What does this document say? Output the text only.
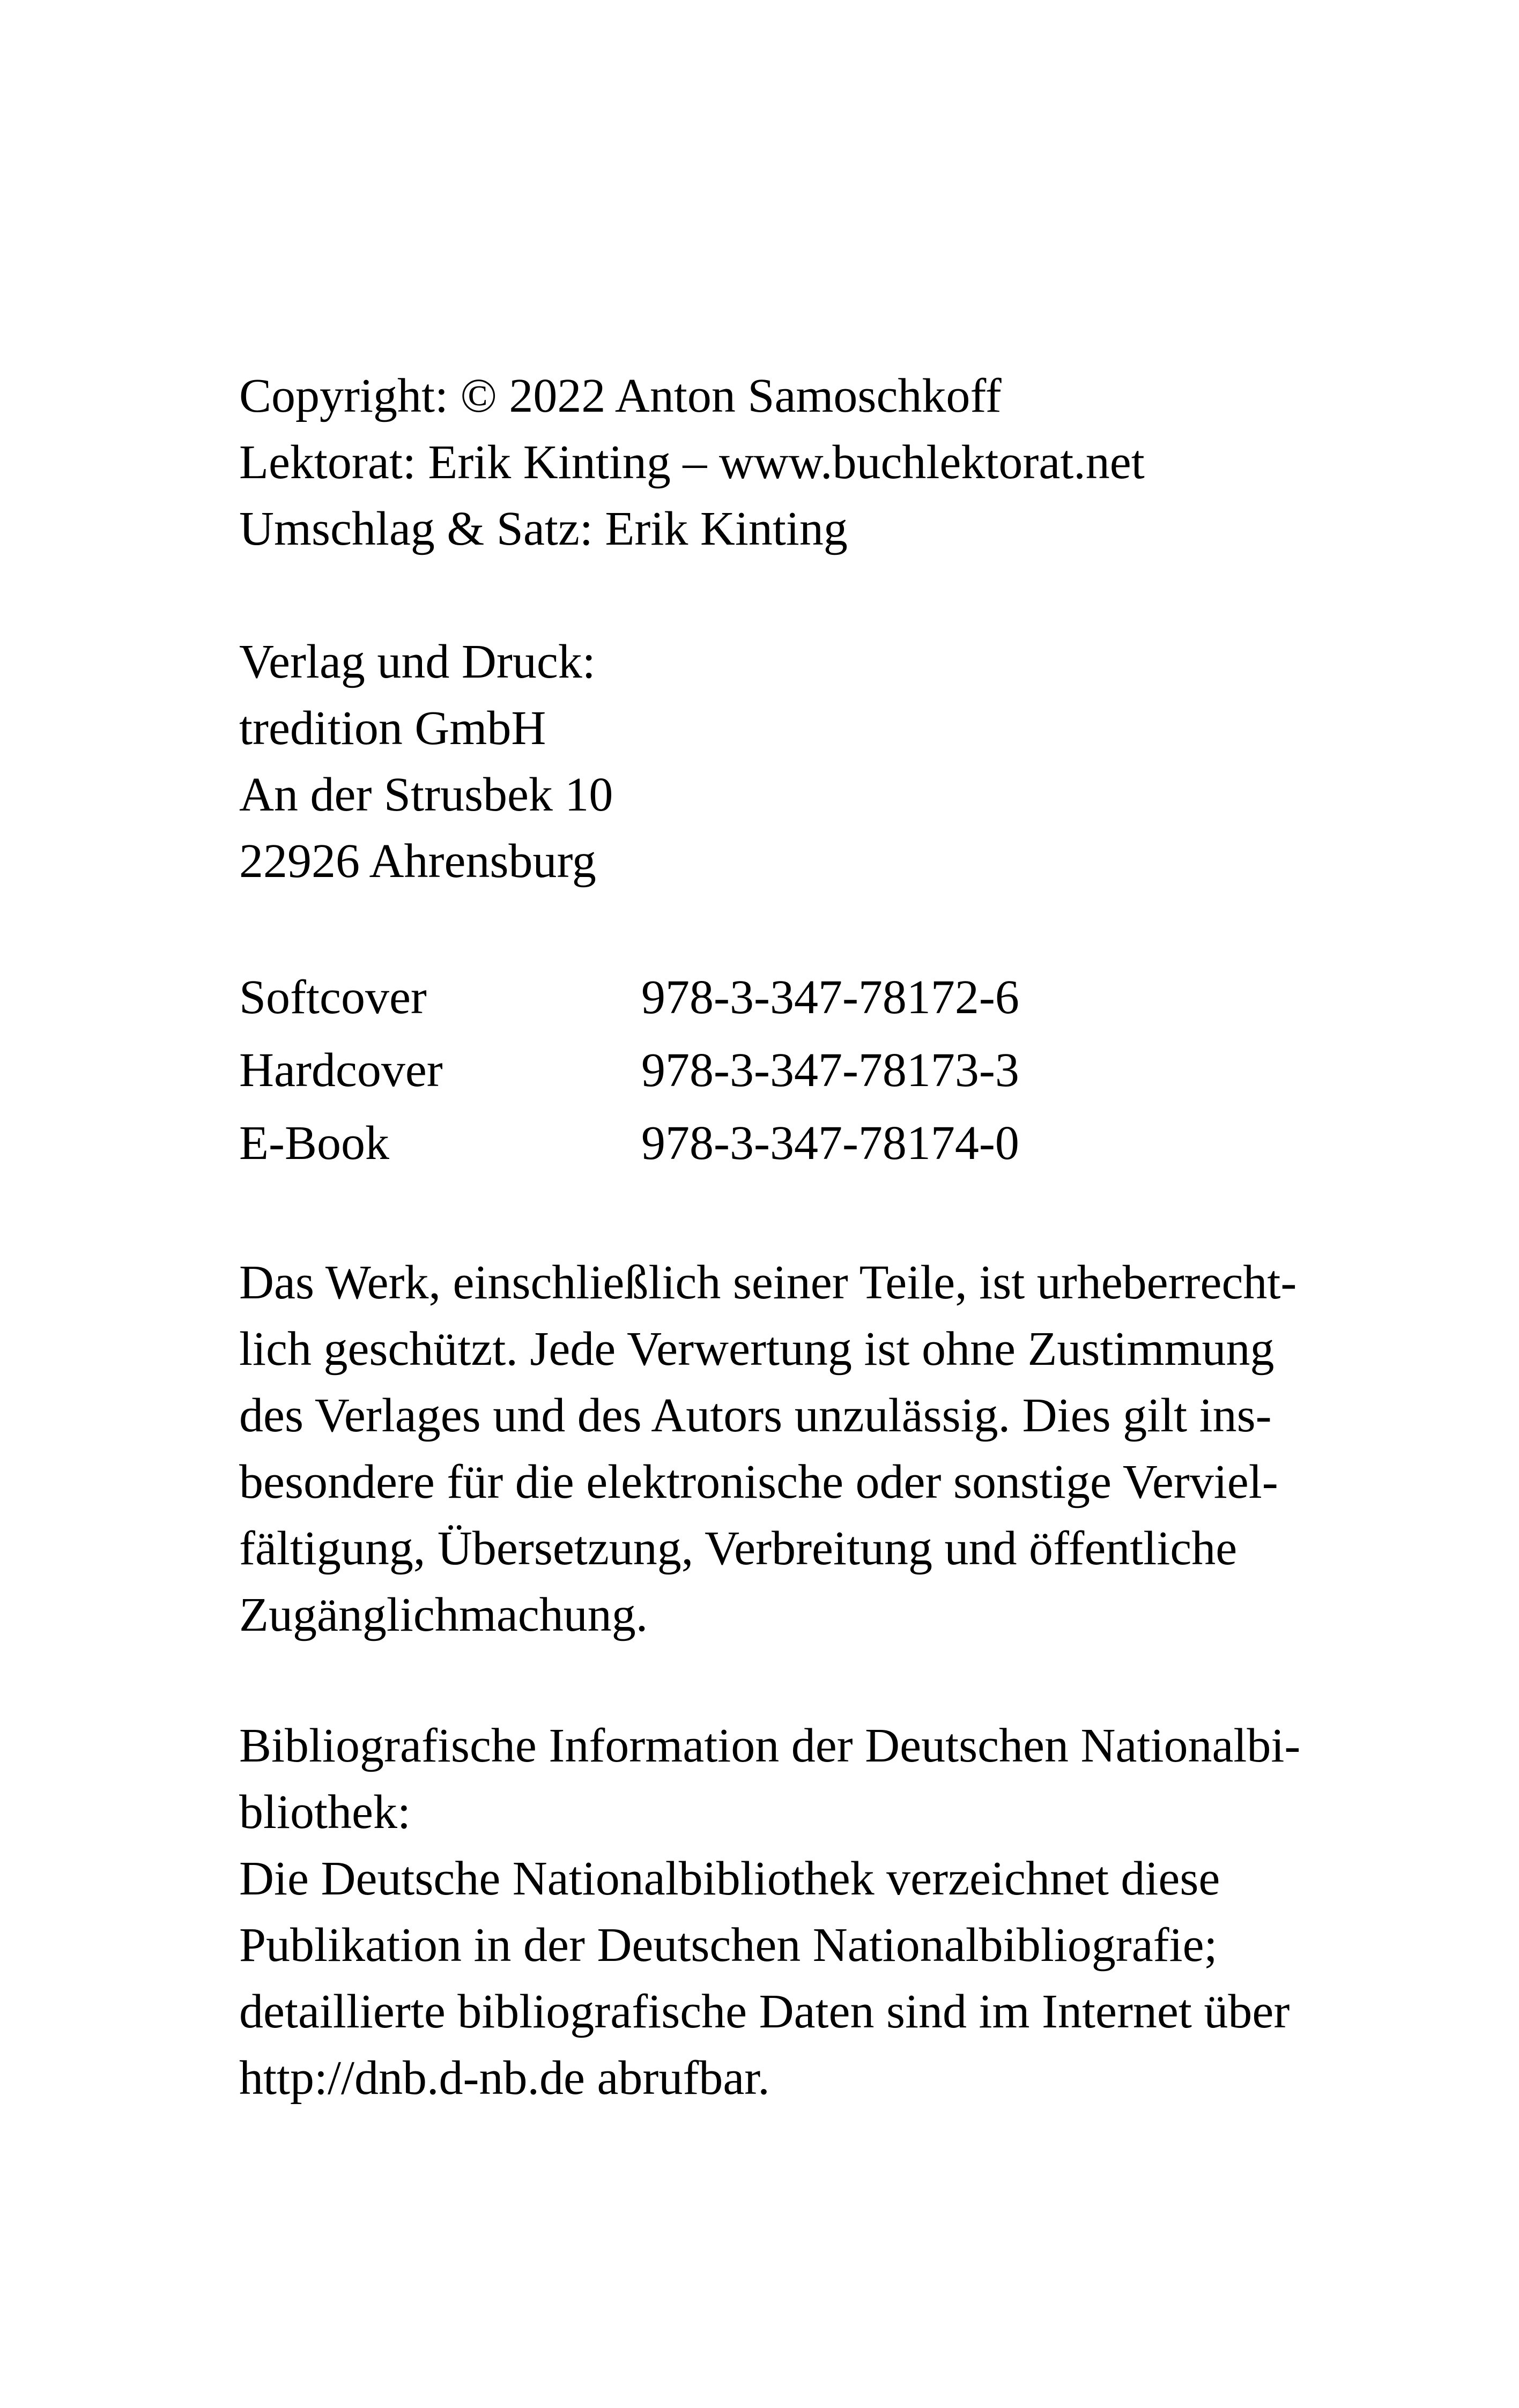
Copyright: © 2022 Anton Samoschkoff
Lektorat: Erik Kinting – www.buchlektorat.net
Umschlag & Satz: Erik Kinting
Verlag und Druck:
tredition GmbH
An der Strusbek 10
22926 Ahrensburg
Softcover	978-3-347-78172-6
Hardcover	978-3-347-78173-3
E-Book	978-3-347-78174-0
Das Werk, einschließlich seiner Teile, ist urheberrecht-
lich geschützt. Jede Verwertung ist ohne Zustimmung
des Verlages und des Autors unzulässig. Dies gilt ins-
besondere für die elektronische oder sonstige Verviel-
fältigung, Übersetzung, Verbreitung und öffentliche
Zugänglichmachung.
Bibliografische Information der Deutschen Nationalbi-
bliothek:
Die Deutsche Nationalbibliothek verzeichnet diese
Publikation in der Deutschen Nationalbibliografie;
detaillierte bibliografische Daten sind im Internet über
http://dnb.d-nb.de abrufbar.
